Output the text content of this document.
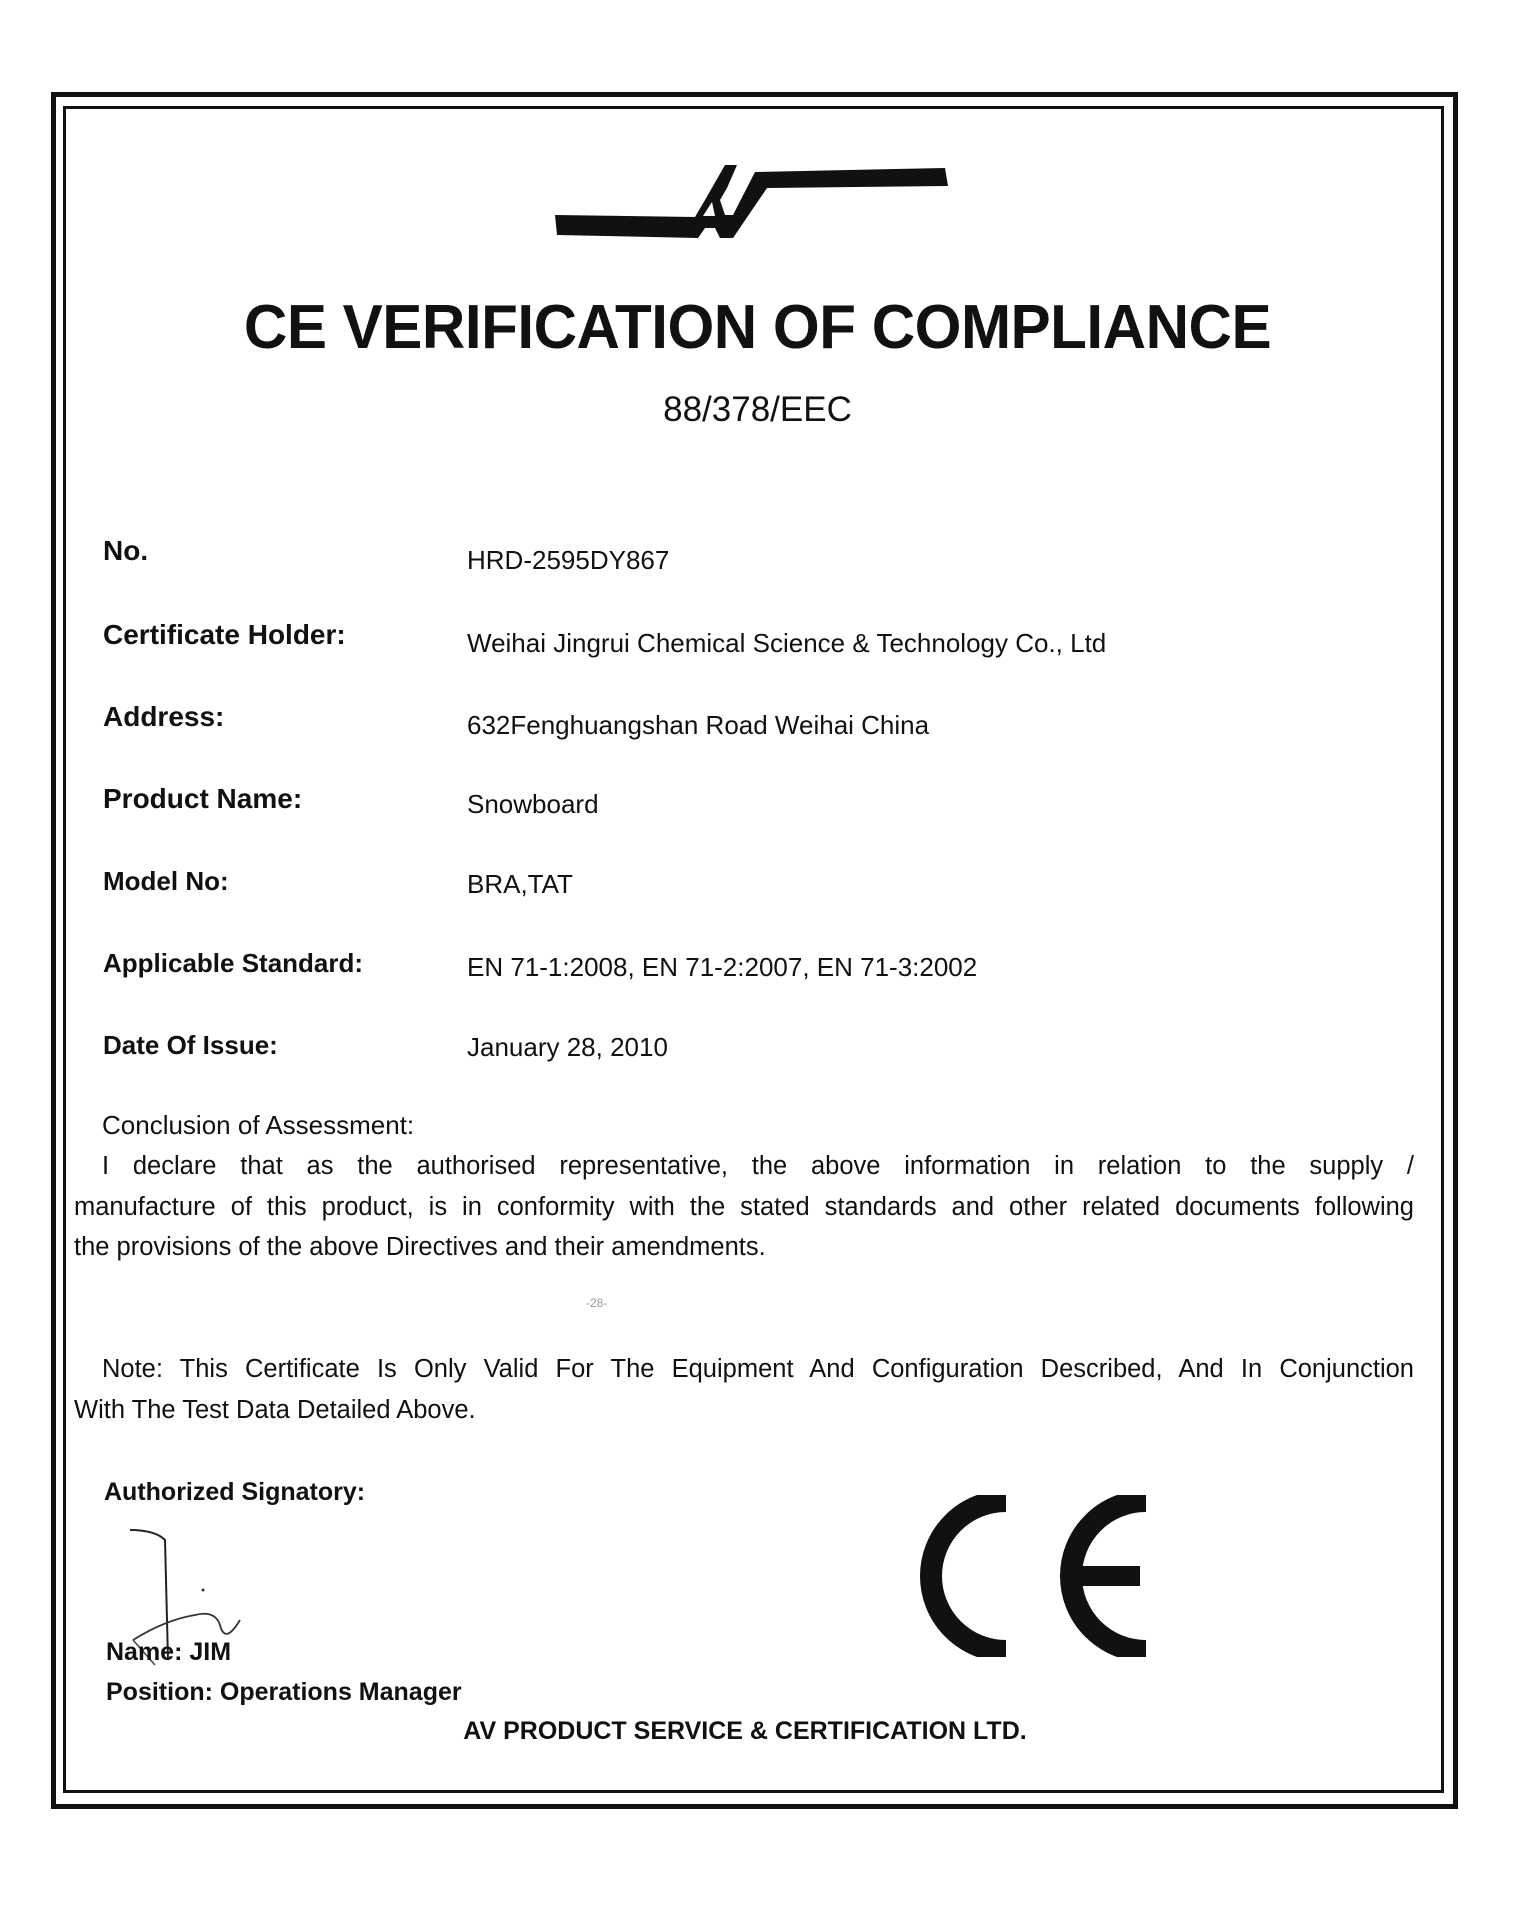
CE VERIFICATION OF COMPLIANCE
88/378/EEC
No.	HRD-2595DY867
Certificate Holder:	Weihai Jingrui Chemical Science & Technology Co., Ltd
Address:	632Fenghuangshan Road Weihai China
Product Name:	Snowboard
Model No:	BRA,TAT
Applicable Standard:	EN 71-1:2008, EN 71-2:2007, EN 71-3:2002
Date Of Issue:	January 28, 2010
Conclusion of Assessment:
I declare that as the authorised representative, the above information in relation to the supply /
manufacture of this product, is in conformity with the stated standards and other related documents following
the provisions of the above Directives and their amendments.
-28-
Note: This Certificate Is Only Valid For The Equipment And Configuration Described, And In Conjunction
With The Test Data Detailed Above.
Authorized Signatory:
Name: JIM
Position: Operations Manager
AV PRODUCT SERVICE & CERTIFICATION LTD.
